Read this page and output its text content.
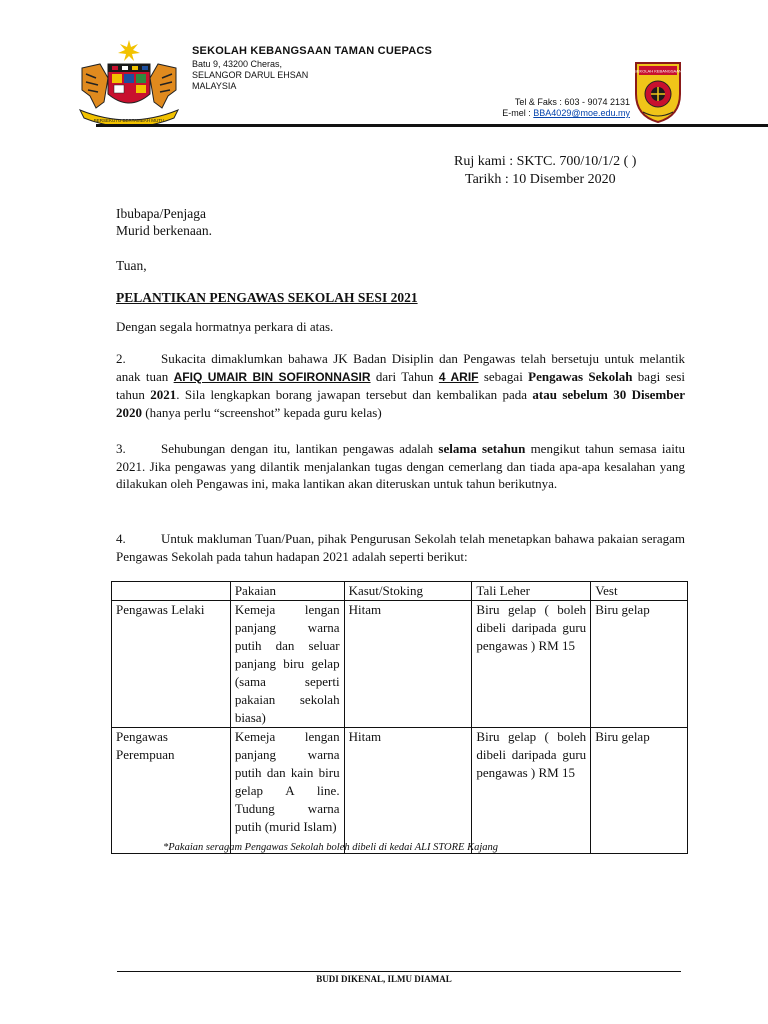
BERSEKUTU BERTAMBAH MUTU
SEKOLAH KEBANGSAAN TAMAN CUEPACS
Batu 9, 43200 Cheras,
SELANGOR DARUL EHSAN
MALAYSIA
Tel & Faks : 603 - 9074 2131
E-mel : BBA4029@moe.edu.my
SEKOLAH KEBANGSAAN
Ruj kami : SKTC. 700/10/1/2 ( )
Tarikh : 10 Disember 2020
Ibubapa/Penjaga
Murid berkenaan.
Tuan,
PELANTIKAN PENGAWAS SEKOLAH SESI 2021
Dengan segala hormatnya perkara di atas.
2.	Sukacita dimaklumkan bahawa JK Badan Disiplin dan Pengawas telah bersetuju untuk melantik anak tuan AFIQ UMAIR BIN SOFIRONNASIR dari Tahun 4 ARIF sebagai Pengawas Sekolah bagi sesi tahun 2021. Sila lengkapkan borang jawapan tersebut dan kembalikan pada atau sebelum 30 Disember 2020 (hanya perlu “screenshot” kepada guru kelas)
3.	Sehubungan dengan itu, lantikan pengawas adalah selama setahun mengikut tahun semasa iaitu 2021. Jika pengawas yang dilantik menjalankan tugas dengan cemerlang dan tiada apa-apa kesalahan yang dilakukan oleh Pengawas ini, maka lantikan akan diteruskan untuk tahun berikutnya.
4.	Untuk makluman Tuan/Puan, pihak Pengurusan Sekolah telah menetapkan bahawa pakaian seragam Pengawas Sekolah pada tahun hadapan 2021 adalah seperti berikut:
	Pakaian	Kasut/Stoking	Tali Leher	Vest
Pengawas Lelaki	Kemeja lengan panjang warna putih dan seluar panjang biru gelap (sama seperti pakaian sekolah biasa)	Hitam	Biru gelap ( boleh dibeli daripada guru pengawas ) RM 15	Biru gelap
Pengawas Perempuan	Kemeja lengan panjang warna putih dan kain biru gelap A line. Tudung warna putih (murid Islam)	Hitam	Biru gelap ( boleh dibeli daripada guru pengawas ) RM 15	Biru gelap
*Pakaian seragam Pengawas Sekolah boleh dibeli di kedai ALI STORE Kajang
BUDI DIKENAL, ILMU DIAMAL
